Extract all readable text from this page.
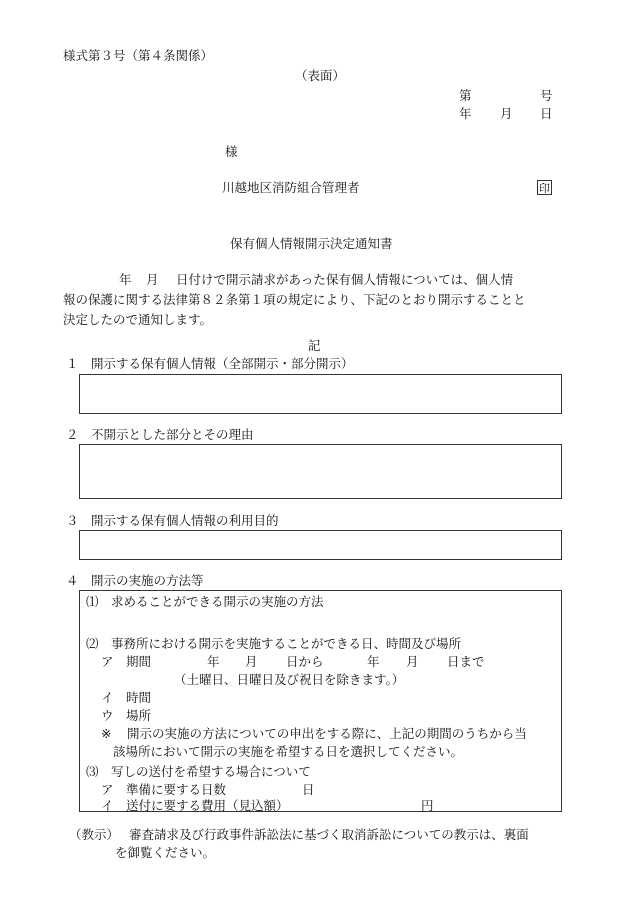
様式第３号（第４条関係）
（表面）
第	号
年 月 日
様
川越地区消防組合管理者	印
保有個人情報開示決定通知書
年 月 日付けで開示請求があった保有個人情報については、個人情
報の保護に関する法律第８２条第１項の規定により、下記のとおり開示することと
決定したので通知します。
記
１　開示する保有個人情報（全部開示・部分開示）
２　不開示とした部分とその理由
３　開示する保有個人情報の利用目的
４　開示の実施の方法等
⑴　求めることができる開示の実施の方法
⑵　事務所における開示を実施することができる日、時間及び場所
ア　期間	年 月 日から	年 月 日まで
（土曜日、日曜日及び祝日を除きます。）
イ　時間
ウ　場所
※ 開示の実施の方法についての申出をする際に、上記の期間のうちから当
該場所において開示の実施を希望する日を選択してください。
⑶　写しの送付を希望する場合について
ア　準備に要する日数	日
イ　送付に要する費用（見込額）	円
（教示） 審査請求及び行政事件訴訟法に基づく取消訴訟についての教示は、裏面
を御覧ください。
